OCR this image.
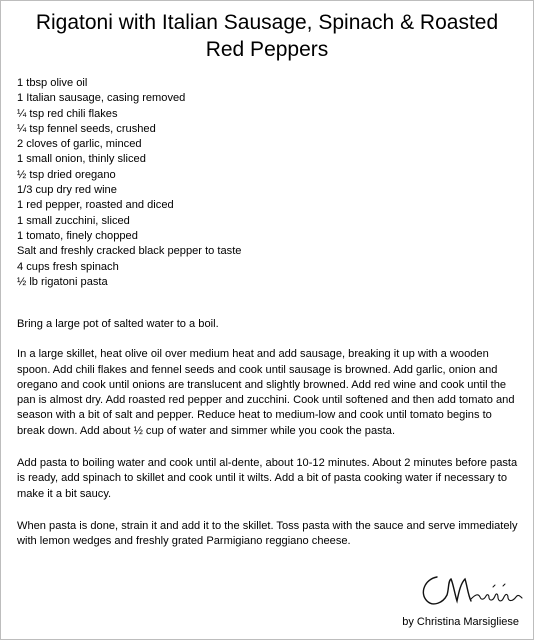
Rigatoni with Italian Sausage, Spinach & Roasted Red Peppers
1 tbsp olive oil
1 Italian sausage, casing removed
¼ tsp red chili flakes
¼ tsp fennel seeds, crushed
2 cloves of garlic, minced
1 small onion, thinly sliced
½ tsp dried oregano
1/3 cup dry red wine
1 red pepper, roasted and diced
1 small zucchini, sliced
1 tomato, finely chopped
Salt and freshly cracked black pepper to taste
4 cups fresh spinach
½ lb rigatoni pasta

Bring a large pot of salted water to a boil.

In a large skillet, heat olive oil over medium heat and add sausage, breaking it up with a wooden spoon. Add chili flakes and fennel seeds and cook until sausage is browned. Add garlic, onion and oregano and cook until onions are translucent and slightly browned. Add red wine and cook until the pan is almost dry. Add roasted red pepper and zucchini. Cook until softened and then add tomato and season with a bit of salt and pepper. Reduce heat to medium-low and cook until tomato begins to break down. Add about ½ cup of water and simmer while you cook the pasta.

Add pasta to boiling water and cook until al-dente, about 10-12 minutes. About 2 minutes before pasta is ready, add spinach to skillet and cook until it wilts. Add a bit of pasta cooking water if necessary to make it a bit saucy.

When pasta is done, strain it and add it to the skillet. Toss pasta with the sauce and serve immediately with lemon wedges and freshly grated Parmigiano reggiano cheese.

by Christina Marsigliese
